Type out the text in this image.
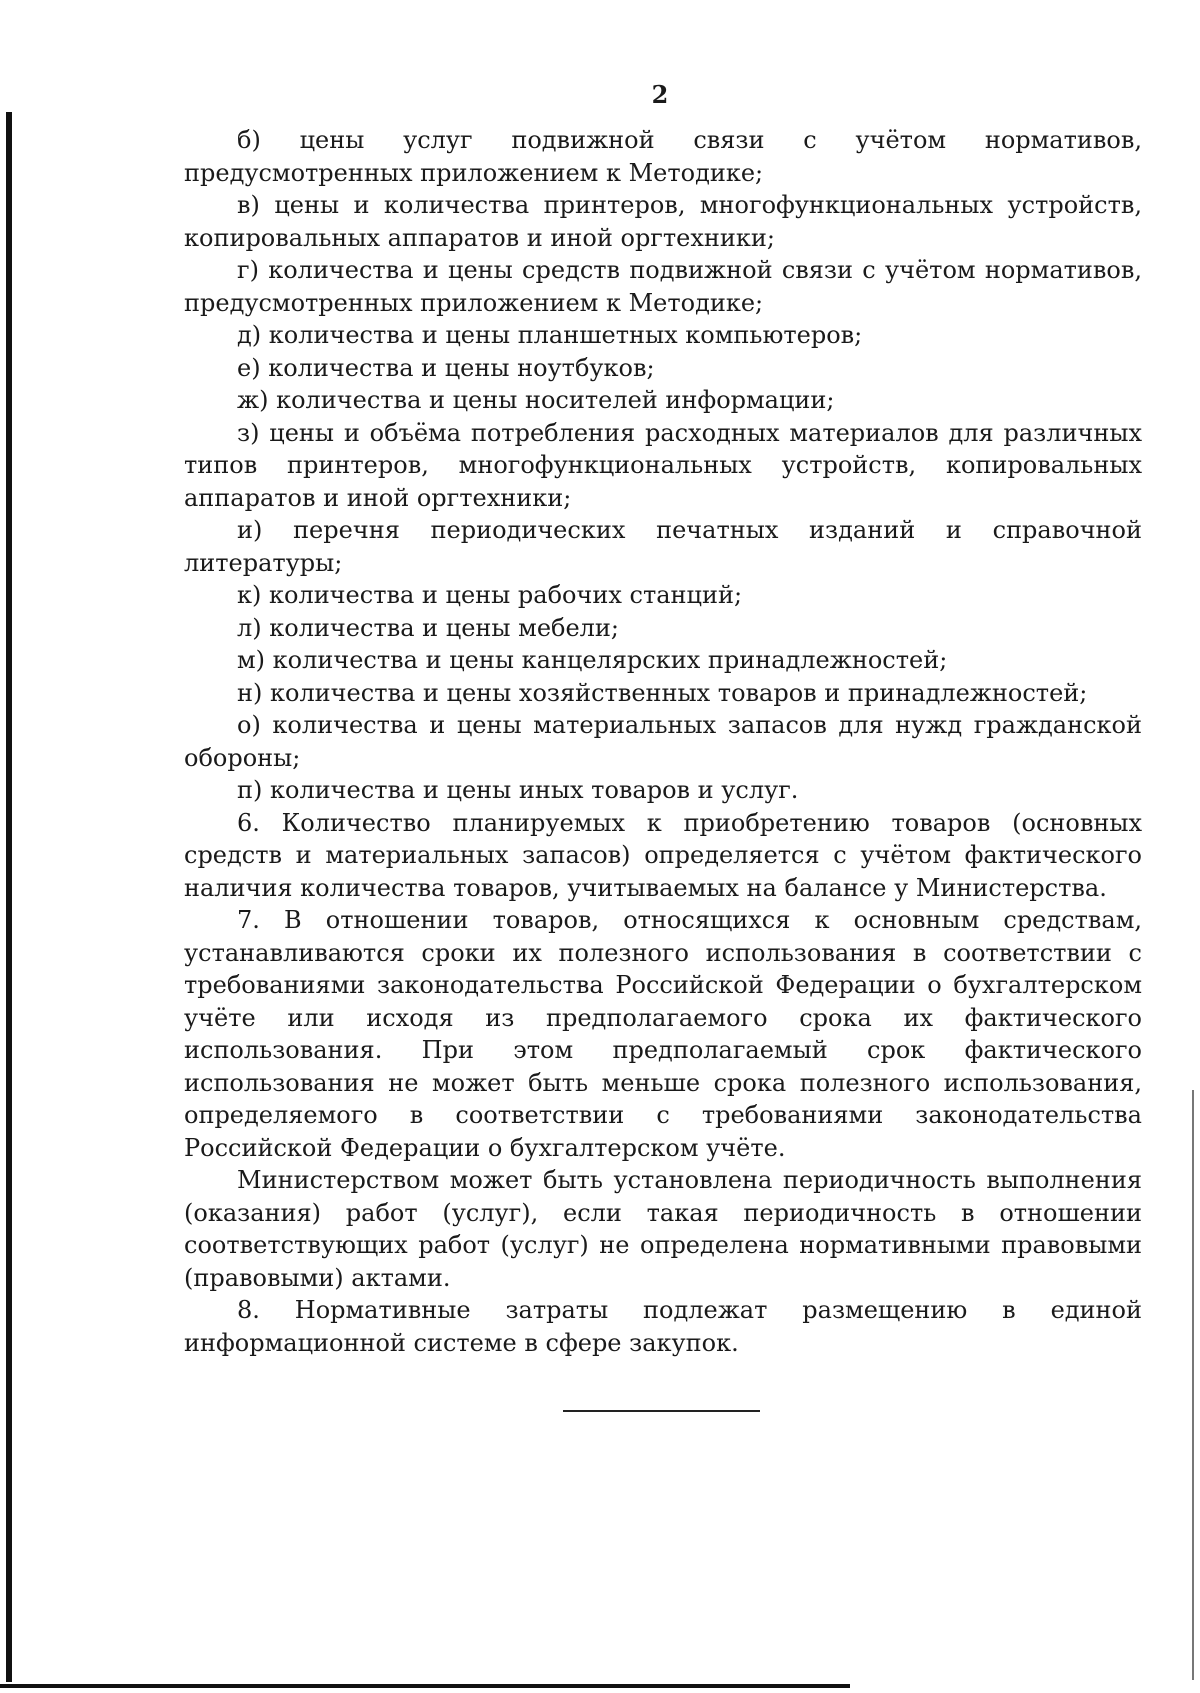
2

б) цены услуг подвижной связи с учётом нормативов, предусмотренных приложением к Методике;

в) цены и количества принтеров, многофункциональных устройств, копировальных аппаратов и иной оргтехники;

г) количества и цены средств подвижной связи с учётом нормативов, предусмотренных приложением к Методике;

д) количества и цены планшетных компьютеров;

е) количества и цены ноутбуков;

ж) количества и цены носителей информации;

з) цены и объёма потребления расходных материалов для различных типов принтеров, многофункциональных устройств, копировальных аппаратов и иной оргтехники;

и) перечня периодических печатных изданий и справочной литературы;

к) количества и цены рабочих станций;

л) количества и цены мебели;

м) количества и цены канцелярских принадлежностей;

н) количества и цены хозяйственных товаров и принадлежностей;

о) количества и цены материальных запасов для нужд гражданской обороны;

п) количества и цены иных товаров и услуг.

6. Количество планируемых к приобретению товаров (основных средств и материальных запасов) определяется с учётом фактического наличия количества товаров, учитываемых на балансе у Министерства.

7. В отношении товаров, относящихся к основным средствам, устанавливаются сроки их полезного использования в соответствии с требованиями законодательства Российской Федерации о бухгалтерском учёте или исходя из предполагаемого срока их фактического использования. При этом предполагаемый срок фактического использования не может быть меньше срока полезного использования, определяемого в соответствии с требованиями законодательства Российской Федерации о бухгалтерском учёте.

Министерством может быть установлена периодичность выполнения (оказания) работ (услуг), если такая периодичность в отношении соответствующих работ (услуг) не определена нормативными правовыми (правовыми) актами.

8. Нормативные затраты подлежат размещению в единой информационной системе в сфере закупок.
